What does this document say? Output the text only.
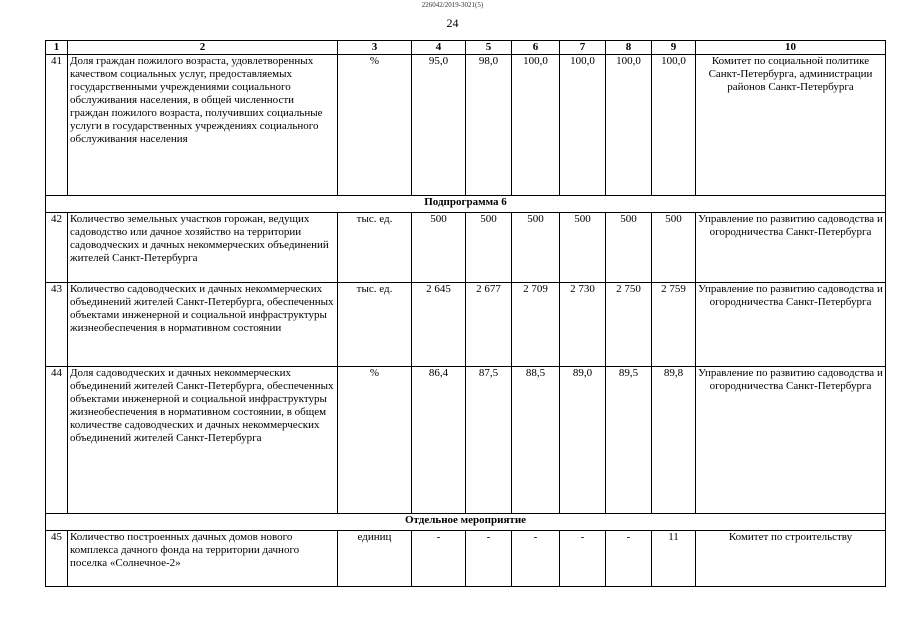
226042/2019-3021(5)
24
1	2	3	4	5	6	7	8	9	10
41	Доля граждан пожилого возраста, удовлетворенных качеством социальных услуг, предоставляемых государственными учреждениями социального обслуживания населения, в общей численности граждан пожилого возраста, получивших социальные услуги в государственных учреждениях социального обслуживания населения	%	95,0	98,0	100,0	100,0	100,0	100,0	Комитет по социальной политике Санкт-Петербурга, администрации районов Санкт-Петербурга
Подпрограмма 6									
42	Количество земельных участков горожан, ведущих садоводство или дачное хозяйство на территории садоводческих и дачных некоммерческих объединений жителей Санкт-Петербурга	тыс. ед.	500	500	500	500	500	500	Управление по развитию садоводства и огородничества Санкт-Петербурга
43	Количество садоводческих и дачных некоммерческих объединений жителей Санкт-Петербурга, обеспеченных объектами инженерной и социальной инфраструктуры жизнеобеспечения в нормативном состоянии	тыс. ед.	2 645	2 677	2 709	2 730	2 750	2 759	Управление по развитию садоводства и огородничества Санкт-Петербурга
44	Доля садоводческих и дачных некоммерческих объединений жителей Санкт-Петербурга, обеспеченных объектами инженерной и социальной инфраструктуры жизнеобеспечения в нормативном состоянии, в общем количестве садоводческих и дачных некоммерческих объединений жителей Санкт-Петербурга	%	86,4	87,5	88,5	89,0	89,5	89,8	Управление по развитию садоводства и огородничества Санкт-Петербурга
Отдельное мероприятие									
45	Количество построенных дачных домов нового комплекса дачного фонда на территории дачного поселка «Солнечное-2»	единиц	-	-	-	-	-	11	Комитет по строительству
